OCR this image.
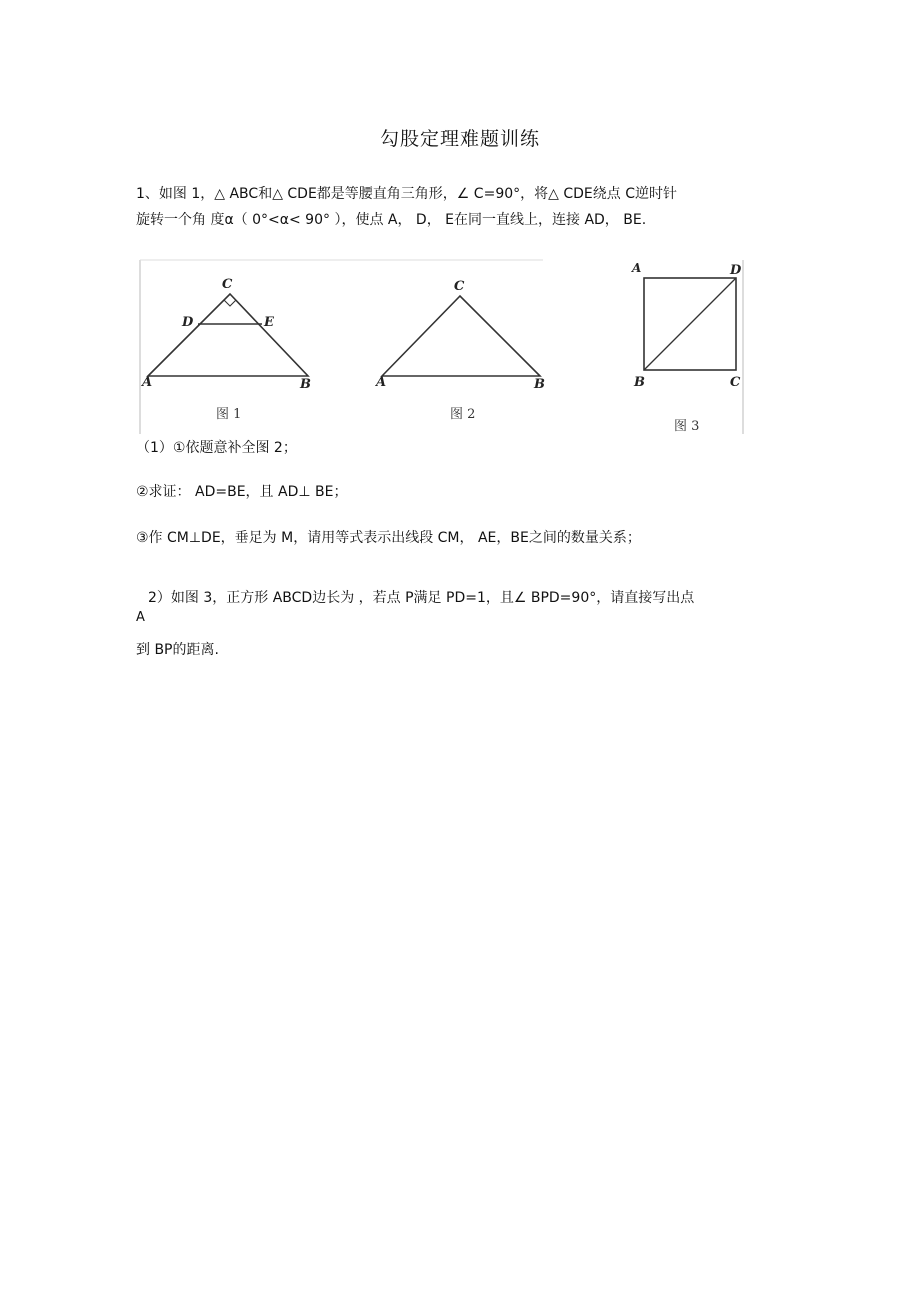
勾股定理难题训练
1、如图 1，△ ABC和△ CDE都是等腰直角三角形，∠ C=90°，将△ CDE绕点 C逆时针
旋转一个角 度α（ 0°<α< 90° ），使点 A， D， E在同一直线上，连接 AD， BE.
C
D	E
A	B
图 1
C
A	B
图 2
A	D
B	C
图 3
（1）①依题意补全图 2；
②求证： AD=BE，且 AD⊥ BE；
③作 CM⊥DE，垂足为 M，请用等式表示出线段 CM， AE，BE之间的数量关系；
2）如图 3，正方形 ABCD边长为 ，若点 P满足 PD=1，且∠ BPD=90°，请直接写出点
A
到 BP的距离.
